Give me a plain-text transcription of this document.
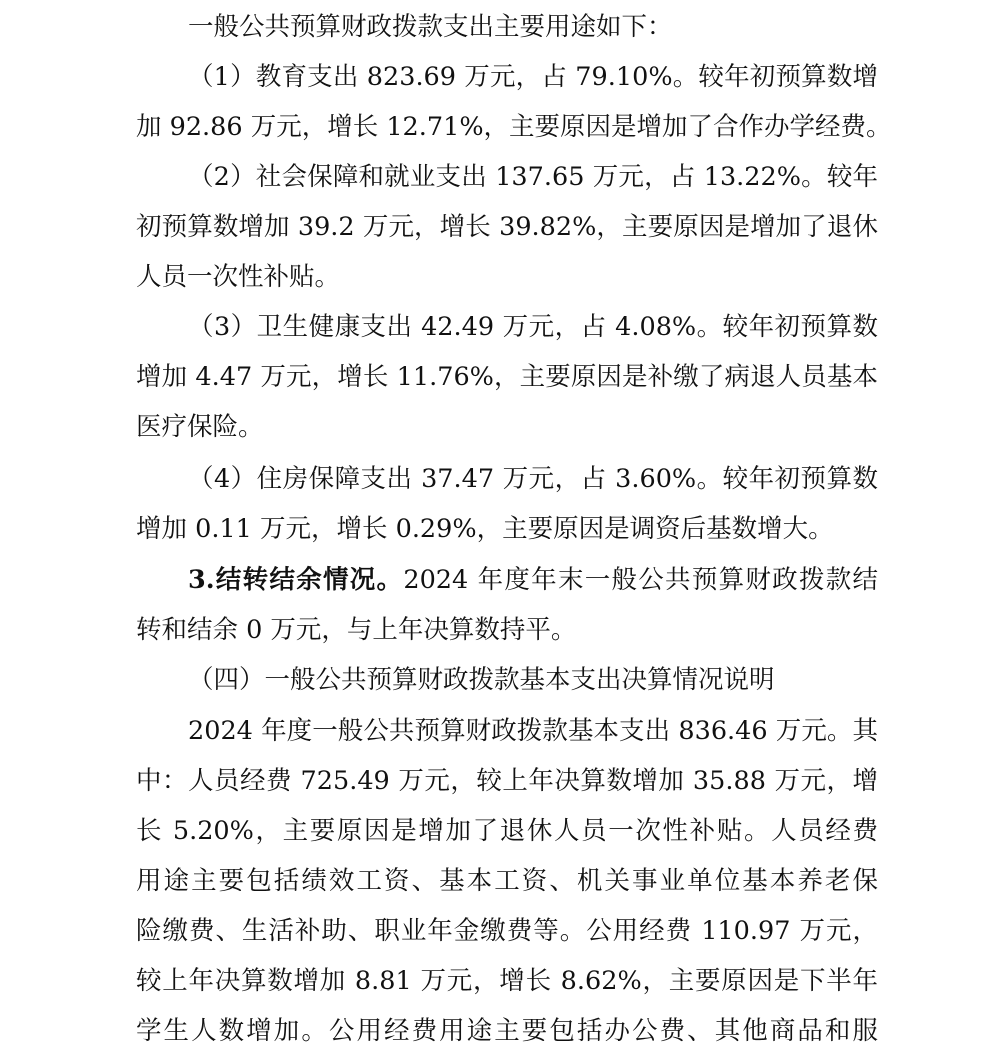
一般公共预算财政拨款支出主要用途如下：
（1）教育支出 823.69 万元，占 79.10%。较年初预算数增
加 92.86 万元，增长 12.71%，主要原因是增加了合作办学经费。
（2）社会保障和就业支出 137.65 万元，占 13.22%。较年
初预算数增加 39.2 万元，增长 39.82%，主要原因是增加了退休
人员一次性补贴。
（3）卫生健康支出 42.49 万元，占 4.08%。较年初预算数
增加 4.47 万元，增长 11.76%，主要原因是补缴了病退人员基本
医疗保险。
（4）住房保障支出 37.47 万元，占 3.60%。较年初预算数
增加 0.11 万元，增长 0.29%，主要原因是调资后基数增大。
3.结转结余情况。2024 年度年末一般公共预算财政拨款结
转和结余 0 万元，与上年决算数持平。
（四）一般公共预算财政拨款基本支出决算情况说明
2024 年度一般公共预算财政拨款基本支出 836.46 万元。其
中：人员经费 725.49 万元，较上年决算数增加 35.88 万元，增
长 5.20%，主要原因是增加了退休人员一次性补贴。人员经费
用途主要包括绩效工资、基本工资、机关事业单位基本养老保
险缴费、生活补助、职业年金缴费等。公用经费 110.97 万元，
较上年决算数增加 8.81 万元，增长 8.62%，主要原因是下半年
学生人数增加。公用经费用途主要包括办公费、其他商品和服
